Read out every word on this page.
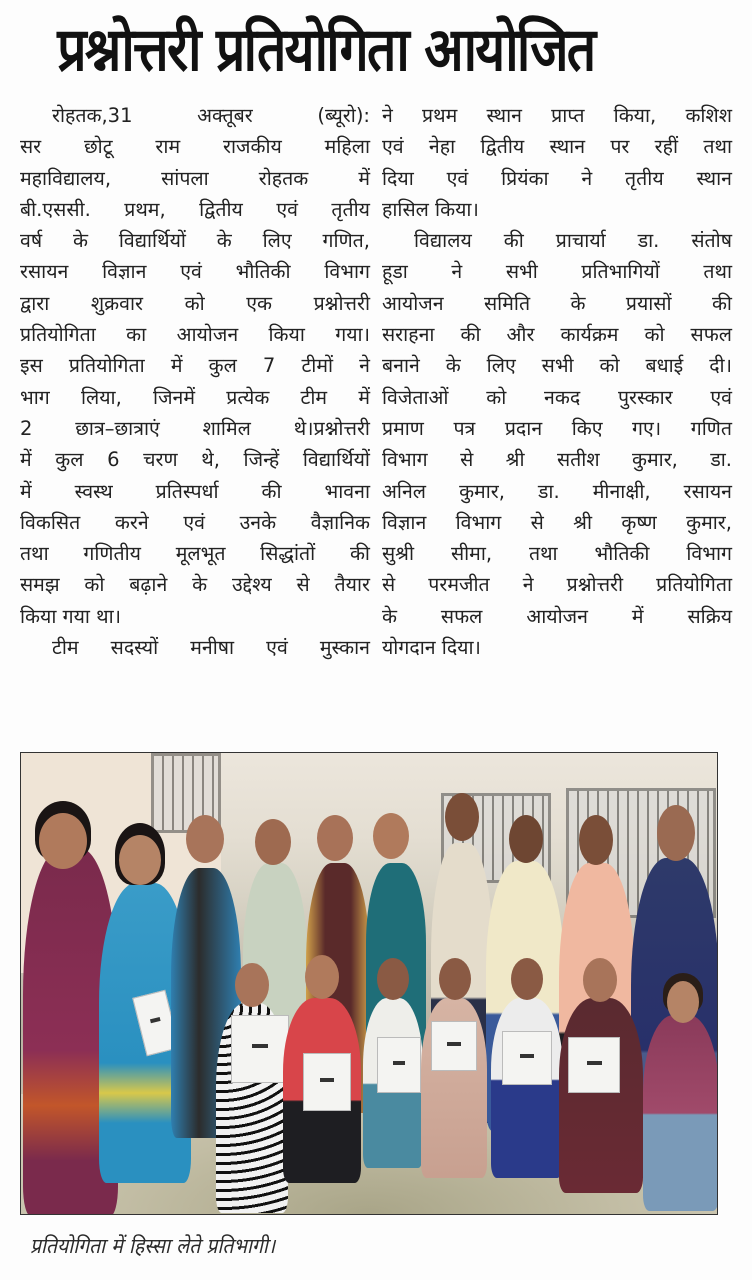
प्रश्नोत्तरी प्रतियोगिता आयोजित
रोहतक,31 अक्तूबर (ब्यूरो):
सर छोटू राम राजकीय महिला
महाविद्यालय, सांपला रोहतक में
बी.एससी. प्रथम, द्वितीय एवं तृतीय
वर्ष के विद्यार्थियों के लिए गणित,
रसायन विज्ञान एवं भौतिकी विभाग
द्वारा शुक्रवार को एक प्रश्नोत्तरी
प्रतियोगिता का आयोजन किया गया।
इस प्रतियोगिता में कुल 7 टीमों ने
भाग लिया, जिनमें प्रत्येक टीम में
2 छात्र–छात्राएं शामिल थे।प्रश्नोत्तरी
में कुल 6 चरण थे, जिन्हें विद्यार्थियों
में स्वस्थ प्रतिस्पर्धा की भावना
विकसित करने एवं उनके वैज्ञानिक
तथा गणितीय मूलभूत सिद्धांतों की
समझ को बढ़ाने के उद्देश्य से तैयार
किया गया था।
टीम सदस्यों मनीषा एवं मुस्कान
ने प्रथम स्थान प्राप्त किया, कशिश
एवं नेहा द्वितीय स्थान पर रहीं तथा
दिया एवं प्रियंका ने तृतीय स्थान
हासिल किया।
विद्यालय की प्राचार्या डा. संतोष
हूडा ने सभी प्रतिभागियों तथा
आयोजन समिति के प्रयासों की
सराहना की और कार्यक्रम को सफल
बनाने के लिए सभी को बधाई दी।
विजेताओं को नकद पुरस्कार एवं
प्रमाण पत्र प्रदान किए गए। गणित
विभाग से श्री सतीश कुमार, डा.
अनिल कुमार, डा. मीनाक्षी, रसायन
विज्ञान विभाग से श्री कृष्ण कुमार,
सुश्री सीमा, तथा भौतिकी विभाग
से परमजीत ने प्रश्नोत्तरी प्रतियोगिता
के सफल आयोजन में सक्रिय
योगदान दिया।
प्रतियोगिता में हिस्सा लेते प्रतिभागी।
